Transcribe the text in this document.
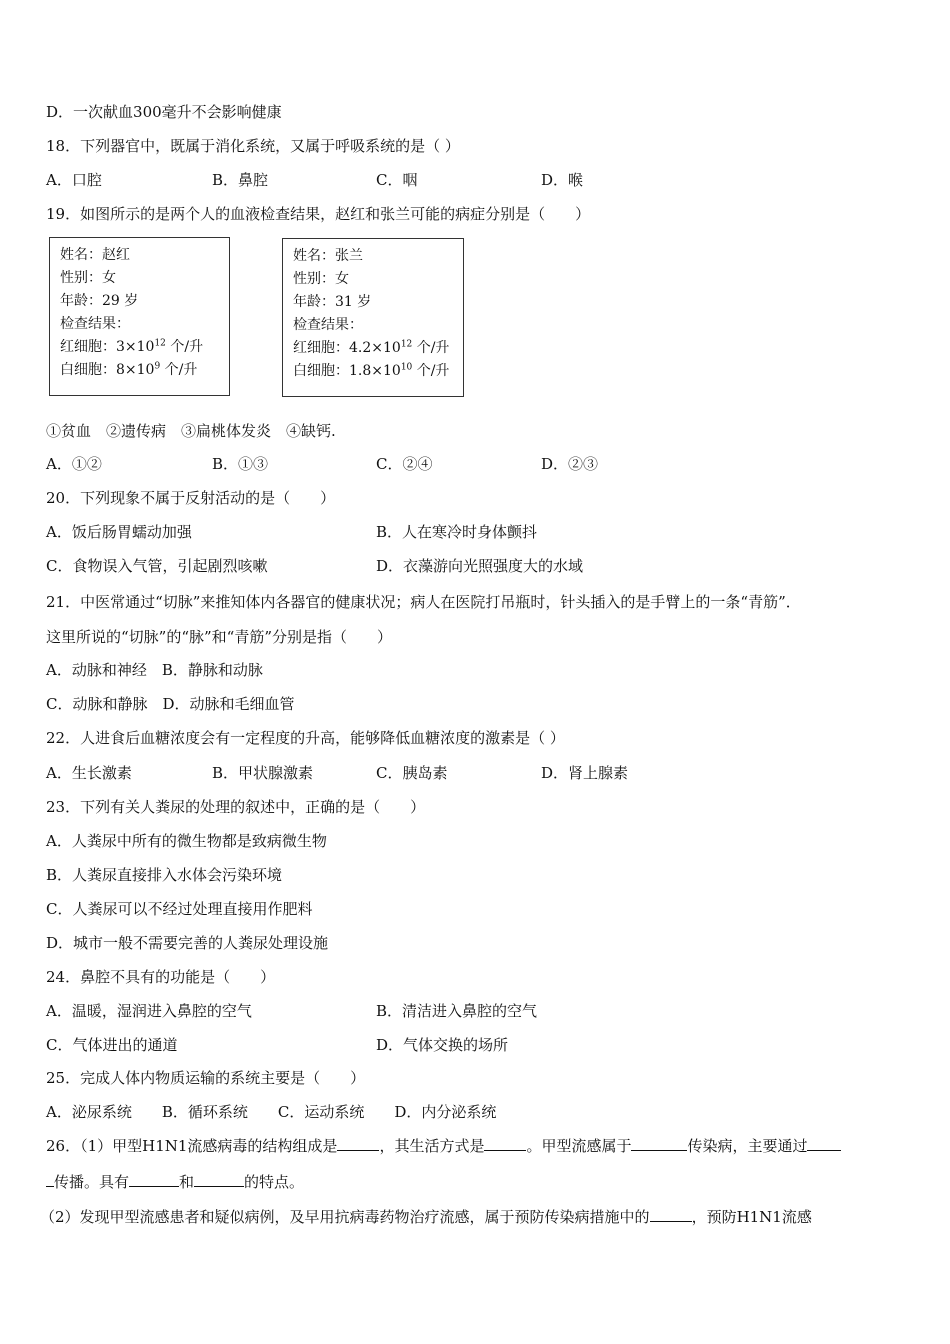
D．一次献血300毫升不会影响健康
18．下列器官中，既属于消化系统，又属于呼吸系统的是（ ）
A．口腔	B．鼻腔	C．咽	D．喉
19．如图所示的是两个人的血液检查结果，赵红和张兰可能的病症分别是（　　）
姓名：赵红
性别：女
年龄：29 岁
检查结果：
红细胞：$3\times 10^{12}$ 个/升
白细胞：$8\times 10^9$ 个/升
姓名：张兰
性别：女
年龄：31 岁
检查结果：
红细胞：$4.2\times 10^{12}$ 个/升
白细胞：$1.8\times 10^{10}$ 个/升
①贫血　②遗传病　③扁桃体发炎　④缺钙.
A．①②	B．①③	C．②④	D．②③
20．下列现象不属于反射活动的是（　　）
A．饭后肠胃蠕动加强	B．人在寒冷时身体颤抖
C．食物误入气管，引起剧烈咳嗽	D．衣藻游向光照强度大的水域
21．中医常通过“切脉”来推知体内各器官的健康状况；病人在医院打吊瓶时，针头插入的是手臂上的一条“青筋”．
这里所说的“切脉”的“脉”和“青筋”分别是指（　　）
A．动脉和神经　B．静脉和动脉
C．动脉和静脉　D．动脉和毛细血管
22．人进食后血糖浓度会有一定程度的升高，能够降低血糖浓度的激素是（ ）
A．生长激素	B．甲状腺激素	C．胰岛素	D．肾上腺素
23．下列有关人粪尿的处理的叙述中，正确的是（　　）
A．人粪尿中所有的微生物都是致病微生物
B．人粪尿直接排入水体会污染环境
C．人粪尿可以不经过处理直接用作肥料
D．城市一般不需要完善的人粪尿处理设施
24．鼻腔不具有的功能是（　　）
A．温暖，湿润进入鼻腔的空气	B．清洁进入鼻腔的空气
C．气体进出的通道	D．气体交换的场所
25．完成人体内物质运输的系统主要是（　　）
A．泌尿系统　　B．循环系统　　C．运动系统　　D．内分泌系统
26．（1）甲型H1N1流感病毒的结构组成是	，其生活方式是	。甲型流感属于	传染病，主要通过
传播。具有	和	的特点。
（2）发现甲型流感患者和疑似病例，及早用抗病毒药物治疗流感，属于预防传染病措施中的	，预防H1N1流感
